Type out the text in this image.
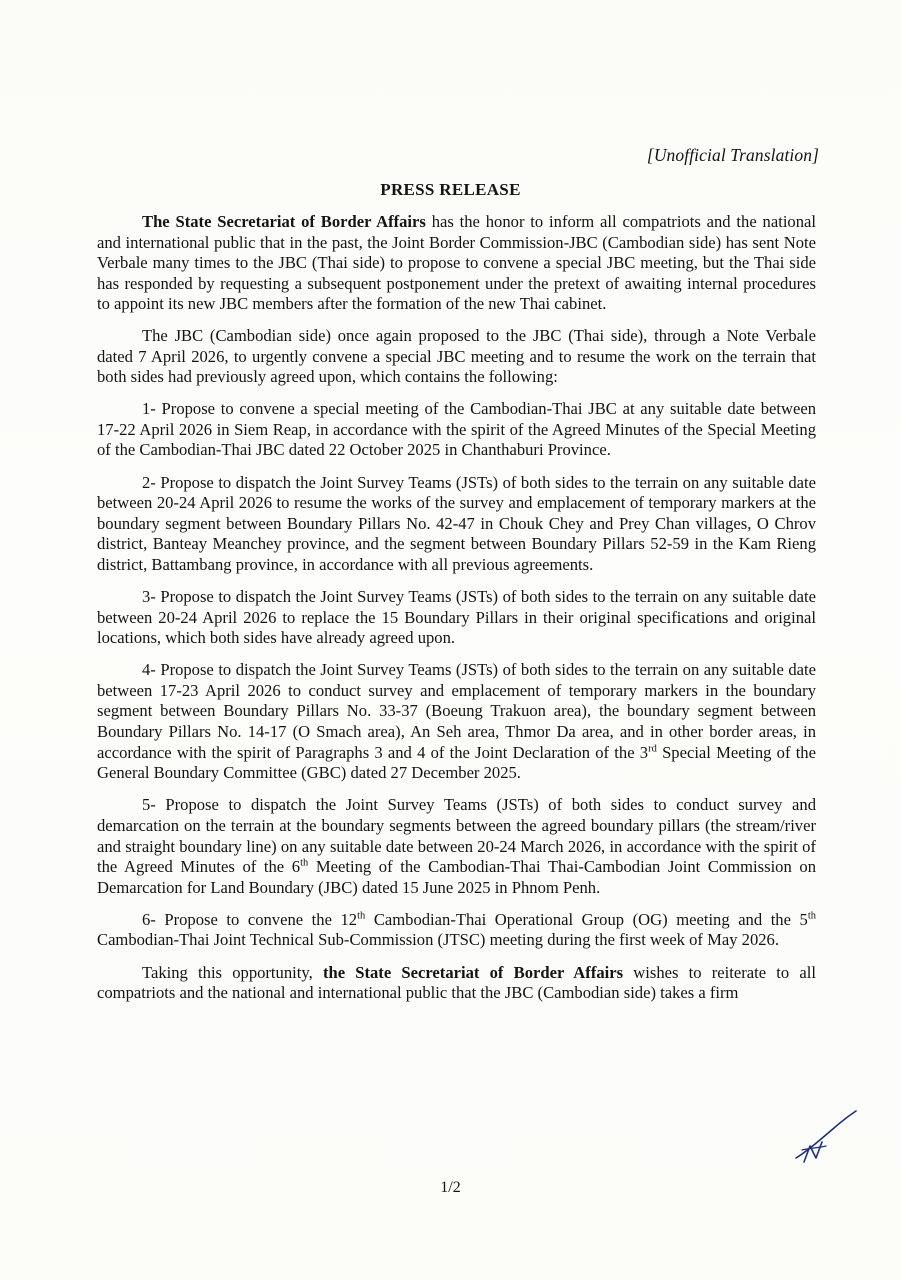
[Unofficial Translation]
PRESS RELEASE

The State Secretariat of Border Affairs has the honor to inform all compatriots and the national and international public that in the past, the Joint Border Commission-JBC (Cambodian side) has sent Note Verbale many times to the JBC (Thai side) to propose to convene a special JBC meeting, but the Thai side has responded by requesting a subsequent postponement under the pretext of awaiting internal procedures to appoint its new JBC members after the formation of the new Thai cabinet.

The JBC (Cambodian side) once again proposed to the JBC (Thai side), through a Note Verbale dated 7 April 2026, to urgently convene a special JBC meeting and to resume the work on the terrain that both sides had previously agreed upon, which contains the following:

1- Propose to convene a special meeting of the Cambodian-Thai JBC at any suitable date between 17-22 April 2026 in Siem Reap, in accordance with the spirit of the Agreed Minutes of the Special Meeting of the Cambodian-Thai JBC dated 22 October 2025 in Chanthaburi Province.

2- Propose to dispatch the Joint Survey Teams (JSTs) of both sides to the terrain on any suitable date between 20-24 April 2026 to resume the works of the survey and emplacement of temporary markers at the boundary segment between Boundary Pillars No. 42-47 in Chouk Chey and Prey Chan villages, O Chrov district, Banteay Meanchey province, and the segment between Boundary Pillars 52-59 in the Kam Rieng district, Battambang province, in accordance with all previous agreements.

3- Propose to dispatch the Joint Survey Teams (JSTs) of both sides to the terrain on any suitable date between 20-24 April 2026 to replace the 15 Boundary Pillars in their original specifications and original locations, which both sides have already agreed upon.

4- Propose to dispatch the Joint Survey Teams (JSTs) of both sides to the terrain on any suitable date between 17-23 April 2026 to conduct survey and emplacement of temporary markers in the boundary segment between Boundary Pillars No. 33-37 (Boeung Trakuon area), the boundary segment between Boundary Pillars No. 14-17 (O Smach area), An Seh area, Thmor Da area, and in other border areas, in accordance with the spirit of Paragraphs 3 and 4 of the Joint Declaration of the 3rd Special Meeting of the General Boundary Committee (GBC) dated 27 December 2025.

5- Propose to dispatch the Joint Survey Teams (JSTs) of both sides to conduct survey and demarcation on the terrain at the boundary segments between the agreed boundary pillars (the stream/river and straight boundary line) on any suitable date between 20-24 March 2026, in accordance with the spirit of the Agreed Minutes of the 6th Meeting of the Cambodian-Thai Thai-Cambodian Joint Commission on Demarcation for Land Boundary (JBC) dated 15 June 2025 in Phnom Penh.

6- Propose to convene the 12th Cambodian-Thai Operational Group (OG) meeting and the 5th Cambodian-Thai Joint Technical Sub-Commission (JTSC) meeting during the first week of May 2026.

Taking this opportunity, the State Secretariat of Border Affairs wishes to reiterate to all compatriots and the national and international public that the JBC (Cambodian side) takes a firm

1/2
